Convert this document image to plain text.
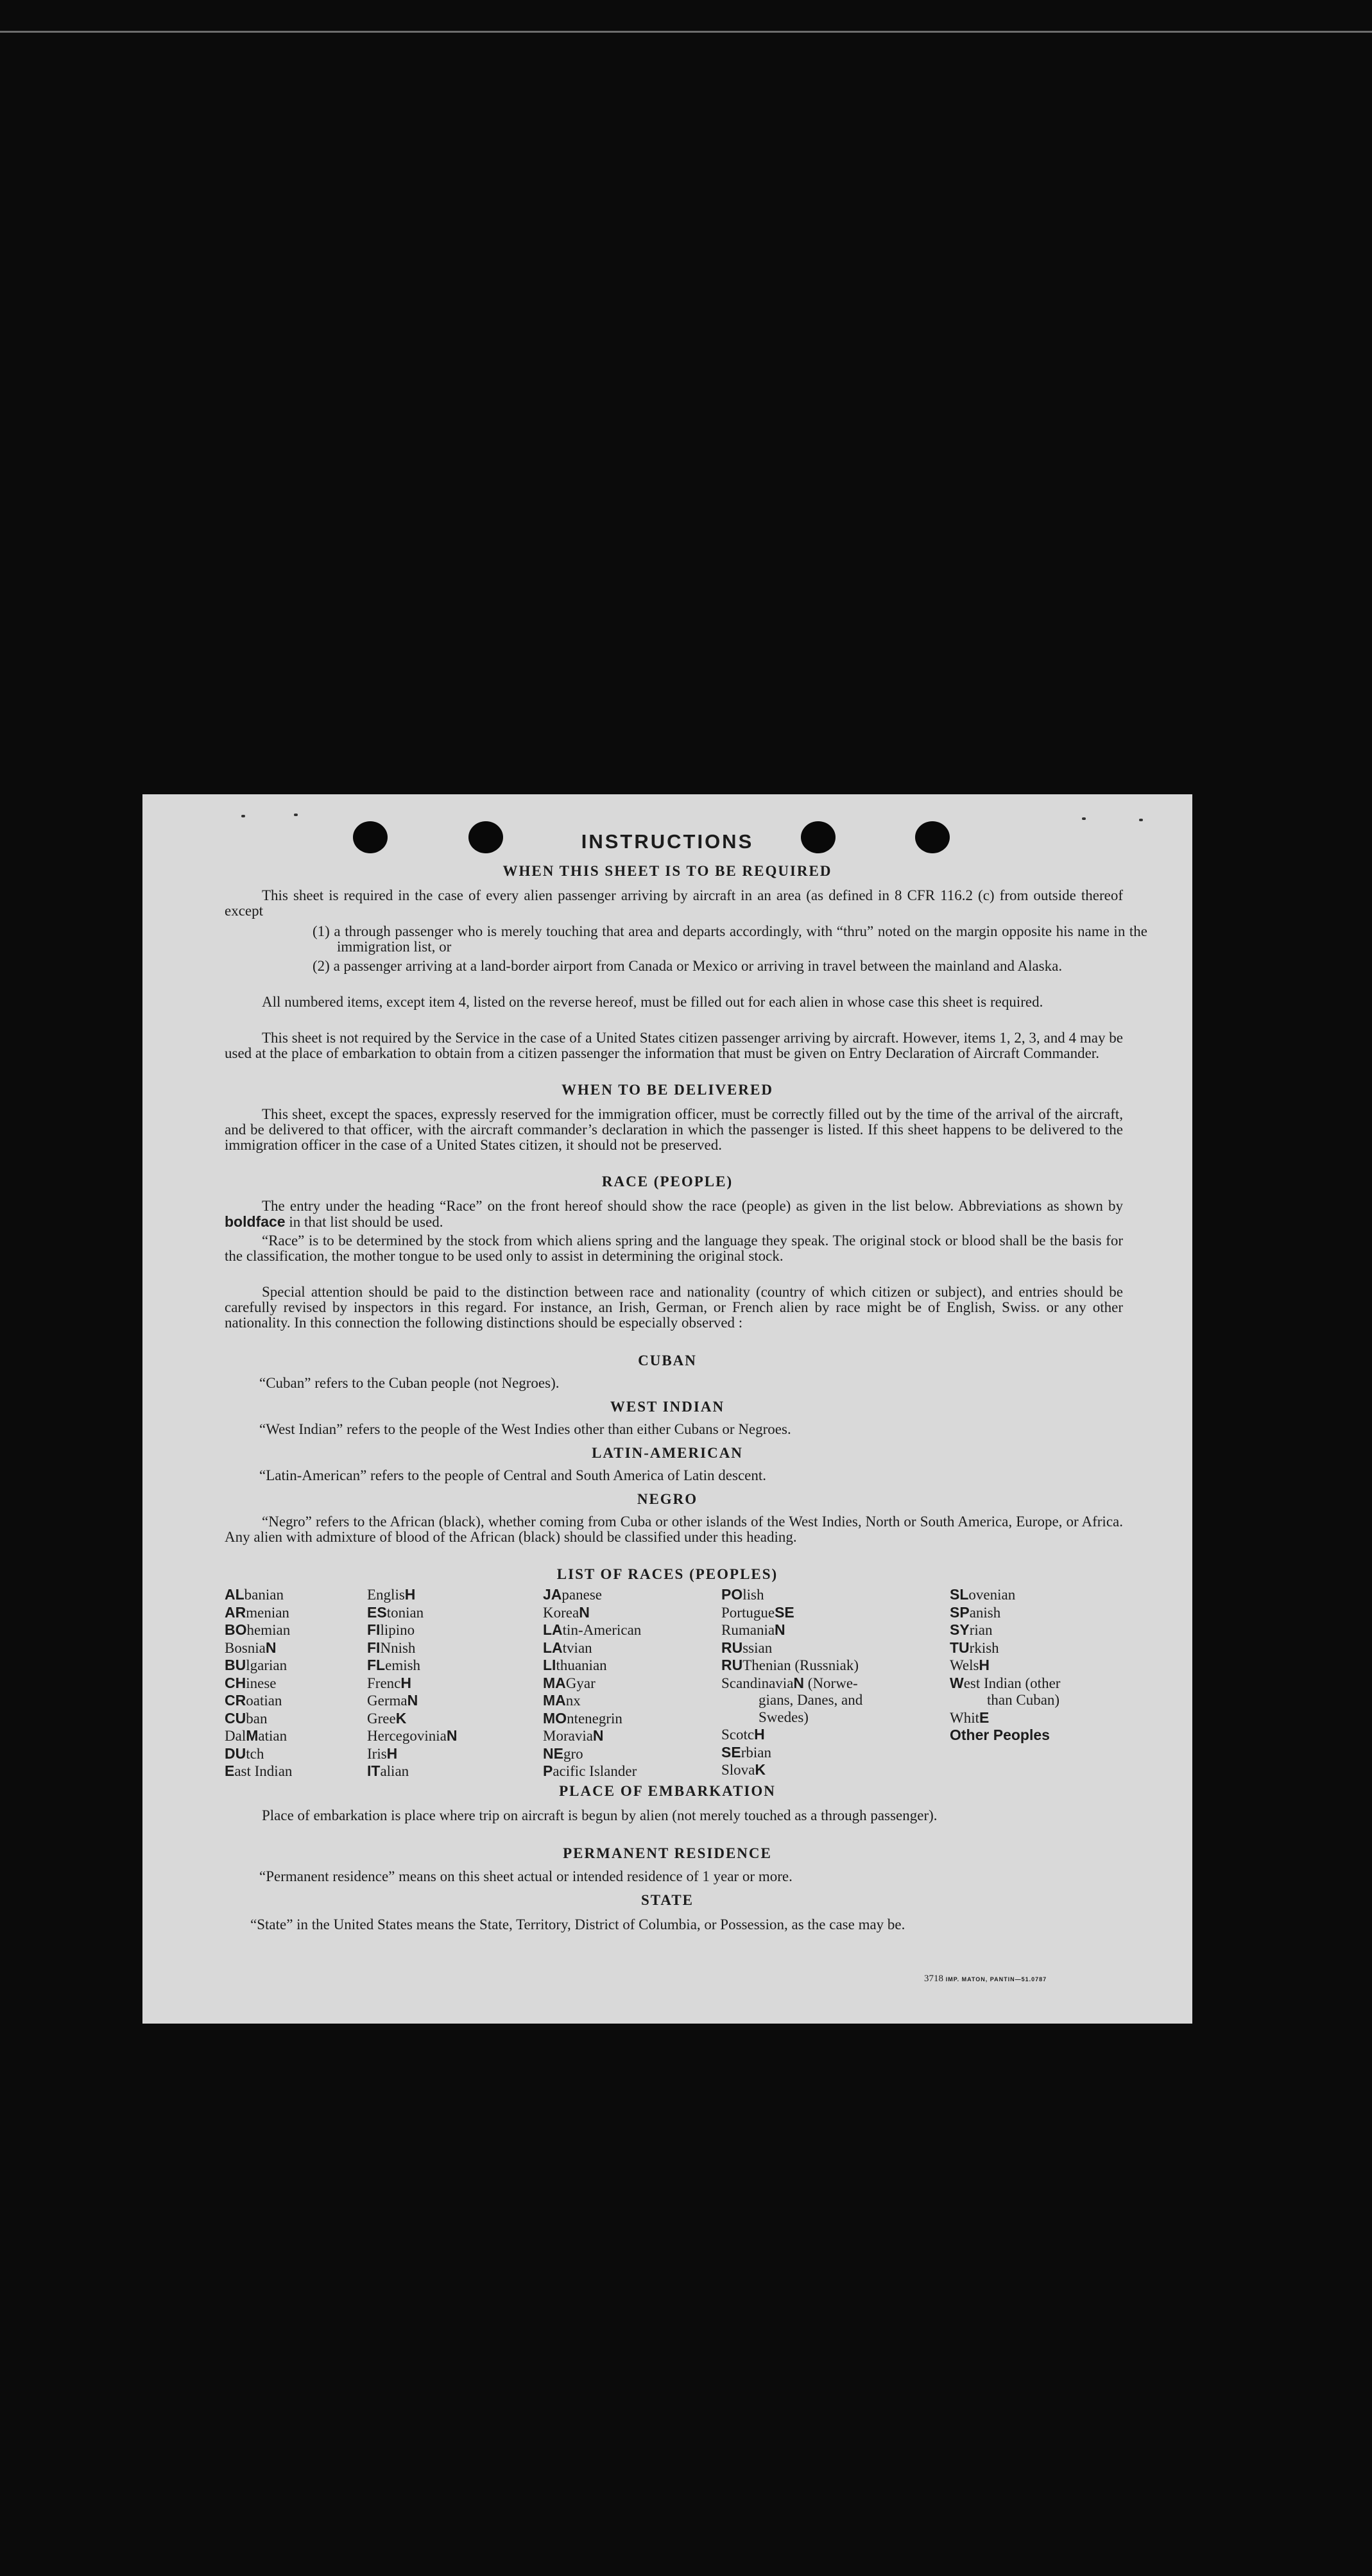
INSTRUCTIONS
WHEN THIS SHEET IS TO BE REQUIRED

This sheet is required in the case of every alien passenger arriving by aircraft in an area (as defined in 8 CFR 116.2 (c) from outside thereof except

(1) a through passenger who is merely touching that area and departs accordingly, with “thru” noted on the margin opposite his name in the immigration list, or

(2) a passenger arriving at a land-border airport from Canada or Mexico or arriving in travel between the mainland and Alaska.

All numbered items, except item 4, listed on the reverse hereof, must be filled out for each alien in whose case this sheet is required.

This sheet is not required by the Service in the case of a United States citizen passenger arriving by aircraft. However, items 1, 2, 3, and 4 may be used at the place of embarkation to obtain from a citizen passenger the information that must be given on Entry Declaration of Aircraft Commander.

WHEN TO BE DELIVERED

This sheet, except the spaces, expressly reserved for the immigration officer, must be correctly filled out by the time of the arrival of the aircraft, and be delivered to that officer, with the aircraft commander’s declaration in which the passenger is listed. If this sheet happens to be delivered to the immigration officer in the case of a United States citizen, it should not be preserved.

RACE (PEOPLE)

The entry under the heading “Race” on the front hereof should show the race (people) as given in the list below. Abbreviations as shown by boldface in that list should be used.

“Race” is to be determined by the stock from which aliens spring and the language they speak. The original stock or blood shall be the basis for the classification, the mother tongue to be used only to assist in determining the original stock.

Special attention should be paid to the distinction between race and nationality (country of which citizen or subject), and entries should be carefully revised by inspectors in this regard. For instance, an Irish, German, or French alien by race might be of English, Swiss. or any other nationality. In this connection the following distinctions should be especially observed :

CUBAN

“Cuban” refers to the Cuban people (not Negroes).

WEST INDIAN

“West Indian” refers to the people of the West Indies other than either Cubans or Negroes.

LATIN-AMERICAN

“Latin-American” refers to the people of Central and South America of Latin descent.

NEGRO

“Negro” refers to the African (black), whether coming from Cuba or other islands of the West Indies, North or South America, Europe, or Africa. Any alien with admixture of blood of the African (black) should be classified under this heading.

LIST OF RACES (PEOPLES)
ALbanian
ARmenian
BOhemian
BosniaN
BUlgarian
CHinese
CRoatian
CUban
DalMatian
DUtch
East Indian
EnglisH
EStonian
FIlipino
FINnish
FLemish
FrencH
GermaN
GreeK
HercegoviniaN
IrisH
ITalian
JApanese
KoreaN
LAtin-American
LAtvian
LIthuanian
MAGyar
MAnx
MOntenegrin
MoraviaN
NEgro
Pacific Islander
POlish
PortugueSE
RumaniaN
RUssian
RUThenian (Russniak)
ScandinaviaN (Norwe-
gians, Danes, and
Swedes)
ScotcH
SErbian
SlovaK
SLovenian
SPanish
SYrian
TUrkish
WelsH
West Indian (other
than Cuban)
WhitE
Other Peoples
PLACE OF EMBARKATION

Place of embarkation is place where trip on aircraft is begun by alien (not merely touched as a through passenger).

PERMANENT RESIDENCE

“Permanent residence” means on this sheet actual or intended residence of 1 year or more.

STATE

“State” in the United States means the State, Territory, District of Columbia, or Possession, as the case may be.

3718 IMP. MATON, PANTIN—51.0787
